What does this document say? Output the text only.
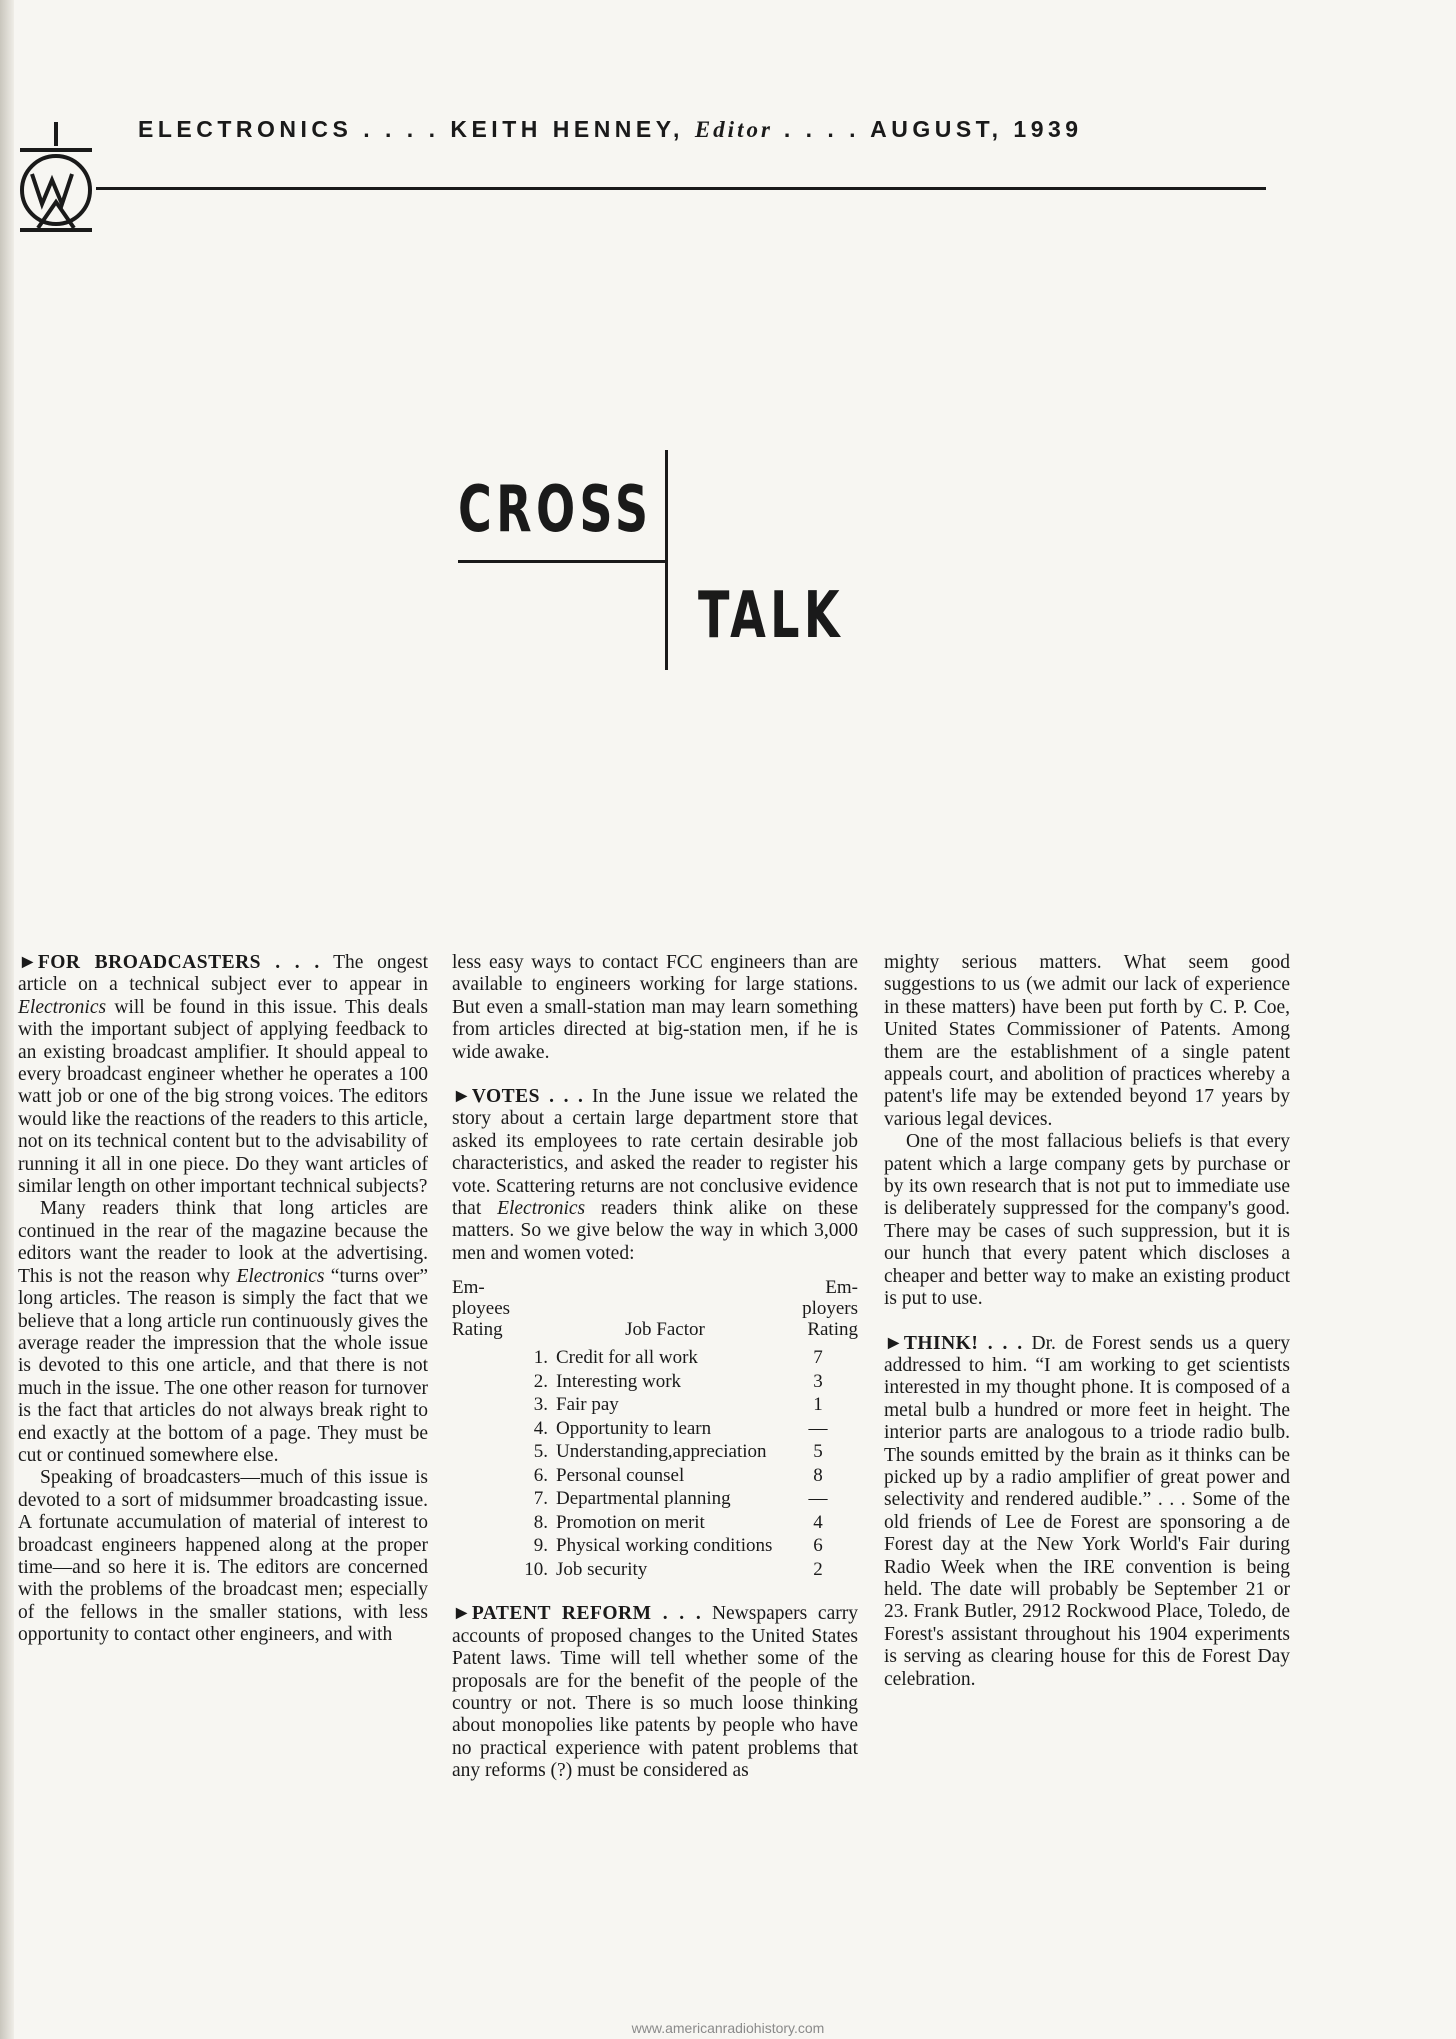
ELECTRONICS . . . . KEITH HENNEY, Editor . . . . AUGUST, 1939
CROSS
TALK

►FOR BROADCASTERS . . . The ongest article on a technical subject ever to appear in Electronics will be found in this issue. This deals with the important subject of applying feedback to an existing broadcast amplifier. It should appeal to every broadcast engineer whether he operates a 100 watt job or one of the big strong voices. The editors would like the reactions of the readers to this article, not on its technical content but to the advisability of running it all in one piece. Do they want articles of similar length on other important technical subjects?

Many readers think that long articles are continued in the rear of the magazine because the editors want the reader to look at the advertising. This is not the reason why Electronics “turns over” long articles. The reason is simply the fact that we believe that a long article run continuously gives the average reader the impression that the whole issue is devoted to this one article, and that there is not much in the issue. The one other reason for turnover is the fact that articles do not always break right to end exactly at the bottom of a page. They must be cut or continued somewhere else.

Speaking of broadcasters—much of this issue is devoted to a sort of midsummer broadcasting issue. A fortunate accumulation of material of interest to broadcast engineers happened along at the proper time—and so here it is. The editors are concerned with the problems of the broadcast men; especially of the fellows in the smaller stations, with less opportunity to contact other engineers, and with

less easy ways to contact FCC engineers than are available to engineers working for large stations. But even a small-station man may learn something from articles directed at big-station men, if he is wide awake.

►VOTES . . . In the June issue we related the story about a certain large department store that asked its employees to rate certain desirable job characteristics, and asked the reader to register his vote. Scattering returns are not conclusive evidence that Electronics readers think alike on these matters. So we give below the way in which 3,000 men and women voted:

Em-
ployees
Rating	Job Factor	Em-
ployers
Rating
1.	Credit for all work	7
2.	Interesting work	3
3.	Fair pay	1
4.	Opportunity to learn	—
5.	Understanding,appreciation	5
6.	Personal counsel	8
7.	Departmental planning	—
8.	Promotion on merit	4
9.	Physical working conditions	6
10.	Job security	2

►PATENT REFORM . . . Newspapers carry accounts of proposed changes to the United States Patent laws. Time will tell whether some of the proposals are for the benefit of the people of the country or not. There is so much loose thinking about monopolies like patents by people who have no practical experience with patent problems that any reforms (?) must be considered as

mighty serious matters. What seem good suggestions to us (we admit our lack of experience in these matters) have been put forth by C. P. Coe, United States Commissioner of Patents. Among them are the establishment of a single patent appeals court, and abolition of practices whereby a patent's life may be extended beyond 17 years by various legal devices.

One of the most fallacious beliefs is that every patent which a large company gets by purchase or by its own research that is not put to immediate use is deliberately suppressed for the company's good. There may be cases of such suppression, but it is our hunch that every patent which discloses a cheaper and better way to make an existing product is put to use.

►THINK! . . . Dr. de Forest sends us a query addressed to him. “I am working to get scientists interested in my thought phone. It is composed of a metal bulb a hundred or more feet in height. The interior parts are analogous to a triode radio bulb. The sounds emitted by the brain as it thinks can be picked up by a radio amplifier of great power and selectivity and rendered audible.” . . . Some of the old friends of Lee de Forest are sponsoring a de Forest day at the New York World's Fair during Radio Week when the IRE convention is being held. The date will probably be September 21 or 23. Frank Butler, 2912 Rockwood Place, Toledo, de Forest's assistant throughout his 1904 experiments is serving as clearing house for this de Forest Day celebration.

www.americanradiohistory.com
